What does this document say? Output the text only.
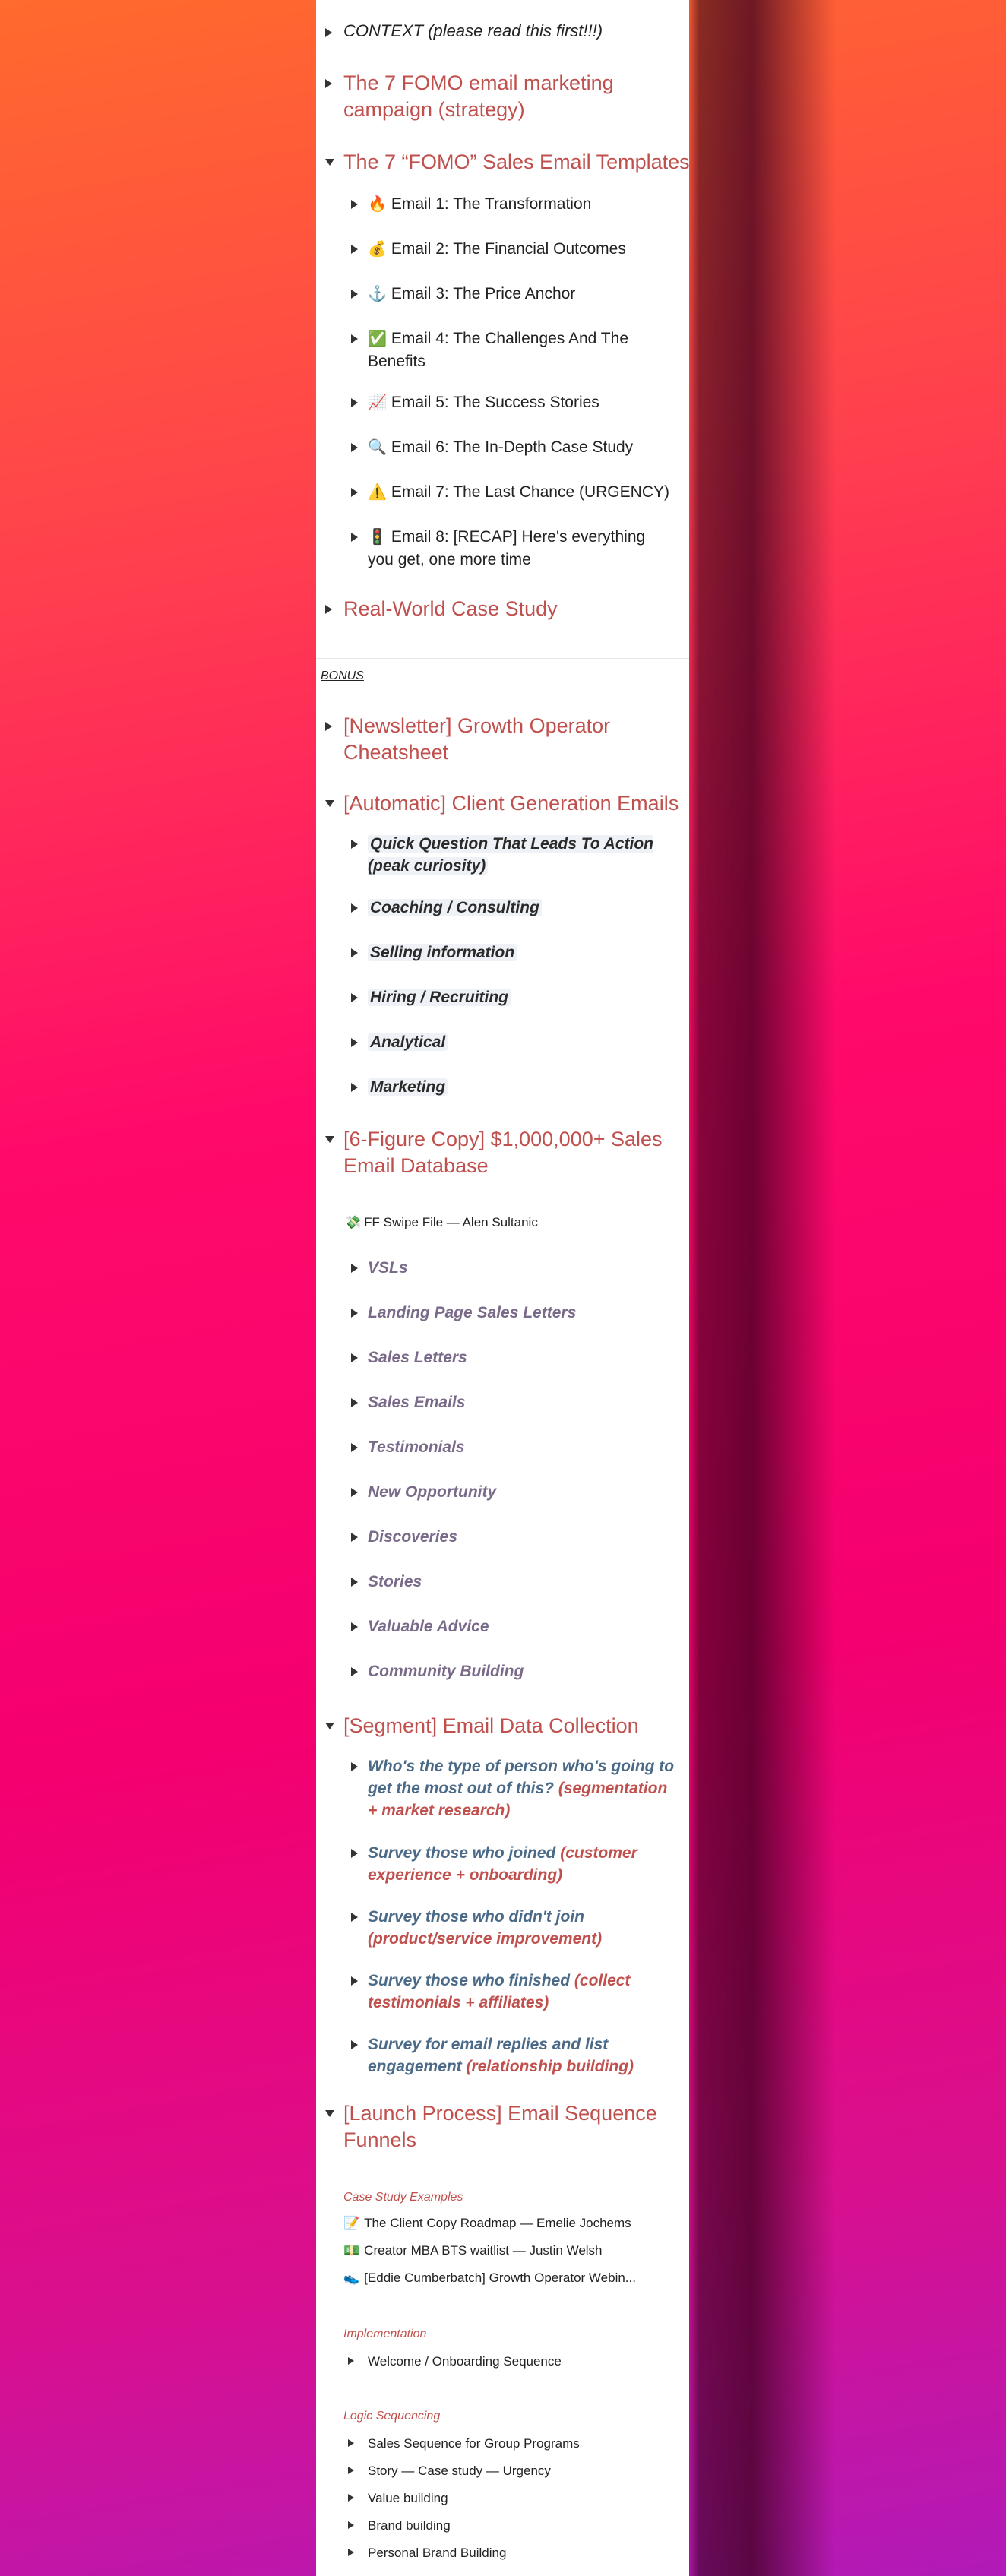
CONTEXT (please read this first!!!)
The 7 FOMO email marketing campaign (strategy)
The 7 “FOMO” Sales Email Templates
🔥 Email 1: The Transformation
💰 Email 2: The Financial Outcomes
⚓ Email 3: The Price Anchor
✅ Email 4: The Challenges And The Benefits
📈 Email 5: The Success Stories
🔍 Email 6: The In-Depth Case Study
⚠️ Email 7: The Last Chance (URGENCY)
🚦 Email 8: [RECAP] Here's everything you get, one more time
Real-World Case Study
BONUS
[Newsletter] Growth Operator Cheatsheet
[Automatic] Client Generation Emails
Quick Question That Leads To Action (peak curiosity)
Coaching / Consulting
Selling information
Hiring / Recruiting
Analytical
Marketing
[6-Figure Copy] $1,000,000+ Sales Email Database
💸 FF Swipe File — Alen Sultanic
VSLs
Landing Page Sales Letters
Sales Letters
Sales Emails
Testimonials
New Opportunity
Discoveries
Stories
Valuable Advice
Community Building
[Segment] Email Data Collection
Who's the type of person who's going to get the most out of this? (segmentation + market research)
Survey those who joined (customer experience + onboarding)
Survey those who didn't join (product/service improvement)
Survey those who finished (collect testimonials + affiliates)
Survey for email replies and list engagement (relationship building)
[Launch Process] Email Sequence Funnels
Case Study Examples
📝 The Client Copy Roadmap — Emelie Jochems
💵 Creator MBA BTS waitlist — Justin Welsh
👟 [Eddie Cumberbatch] Growth Operator Webin...
Implementation
Welcome / Onboarding Sequence
Logic Sequencing
Sales Sequence for Group Programs
Story — Case study — Urgency
Value building
Brand building
Personal Brand Building
